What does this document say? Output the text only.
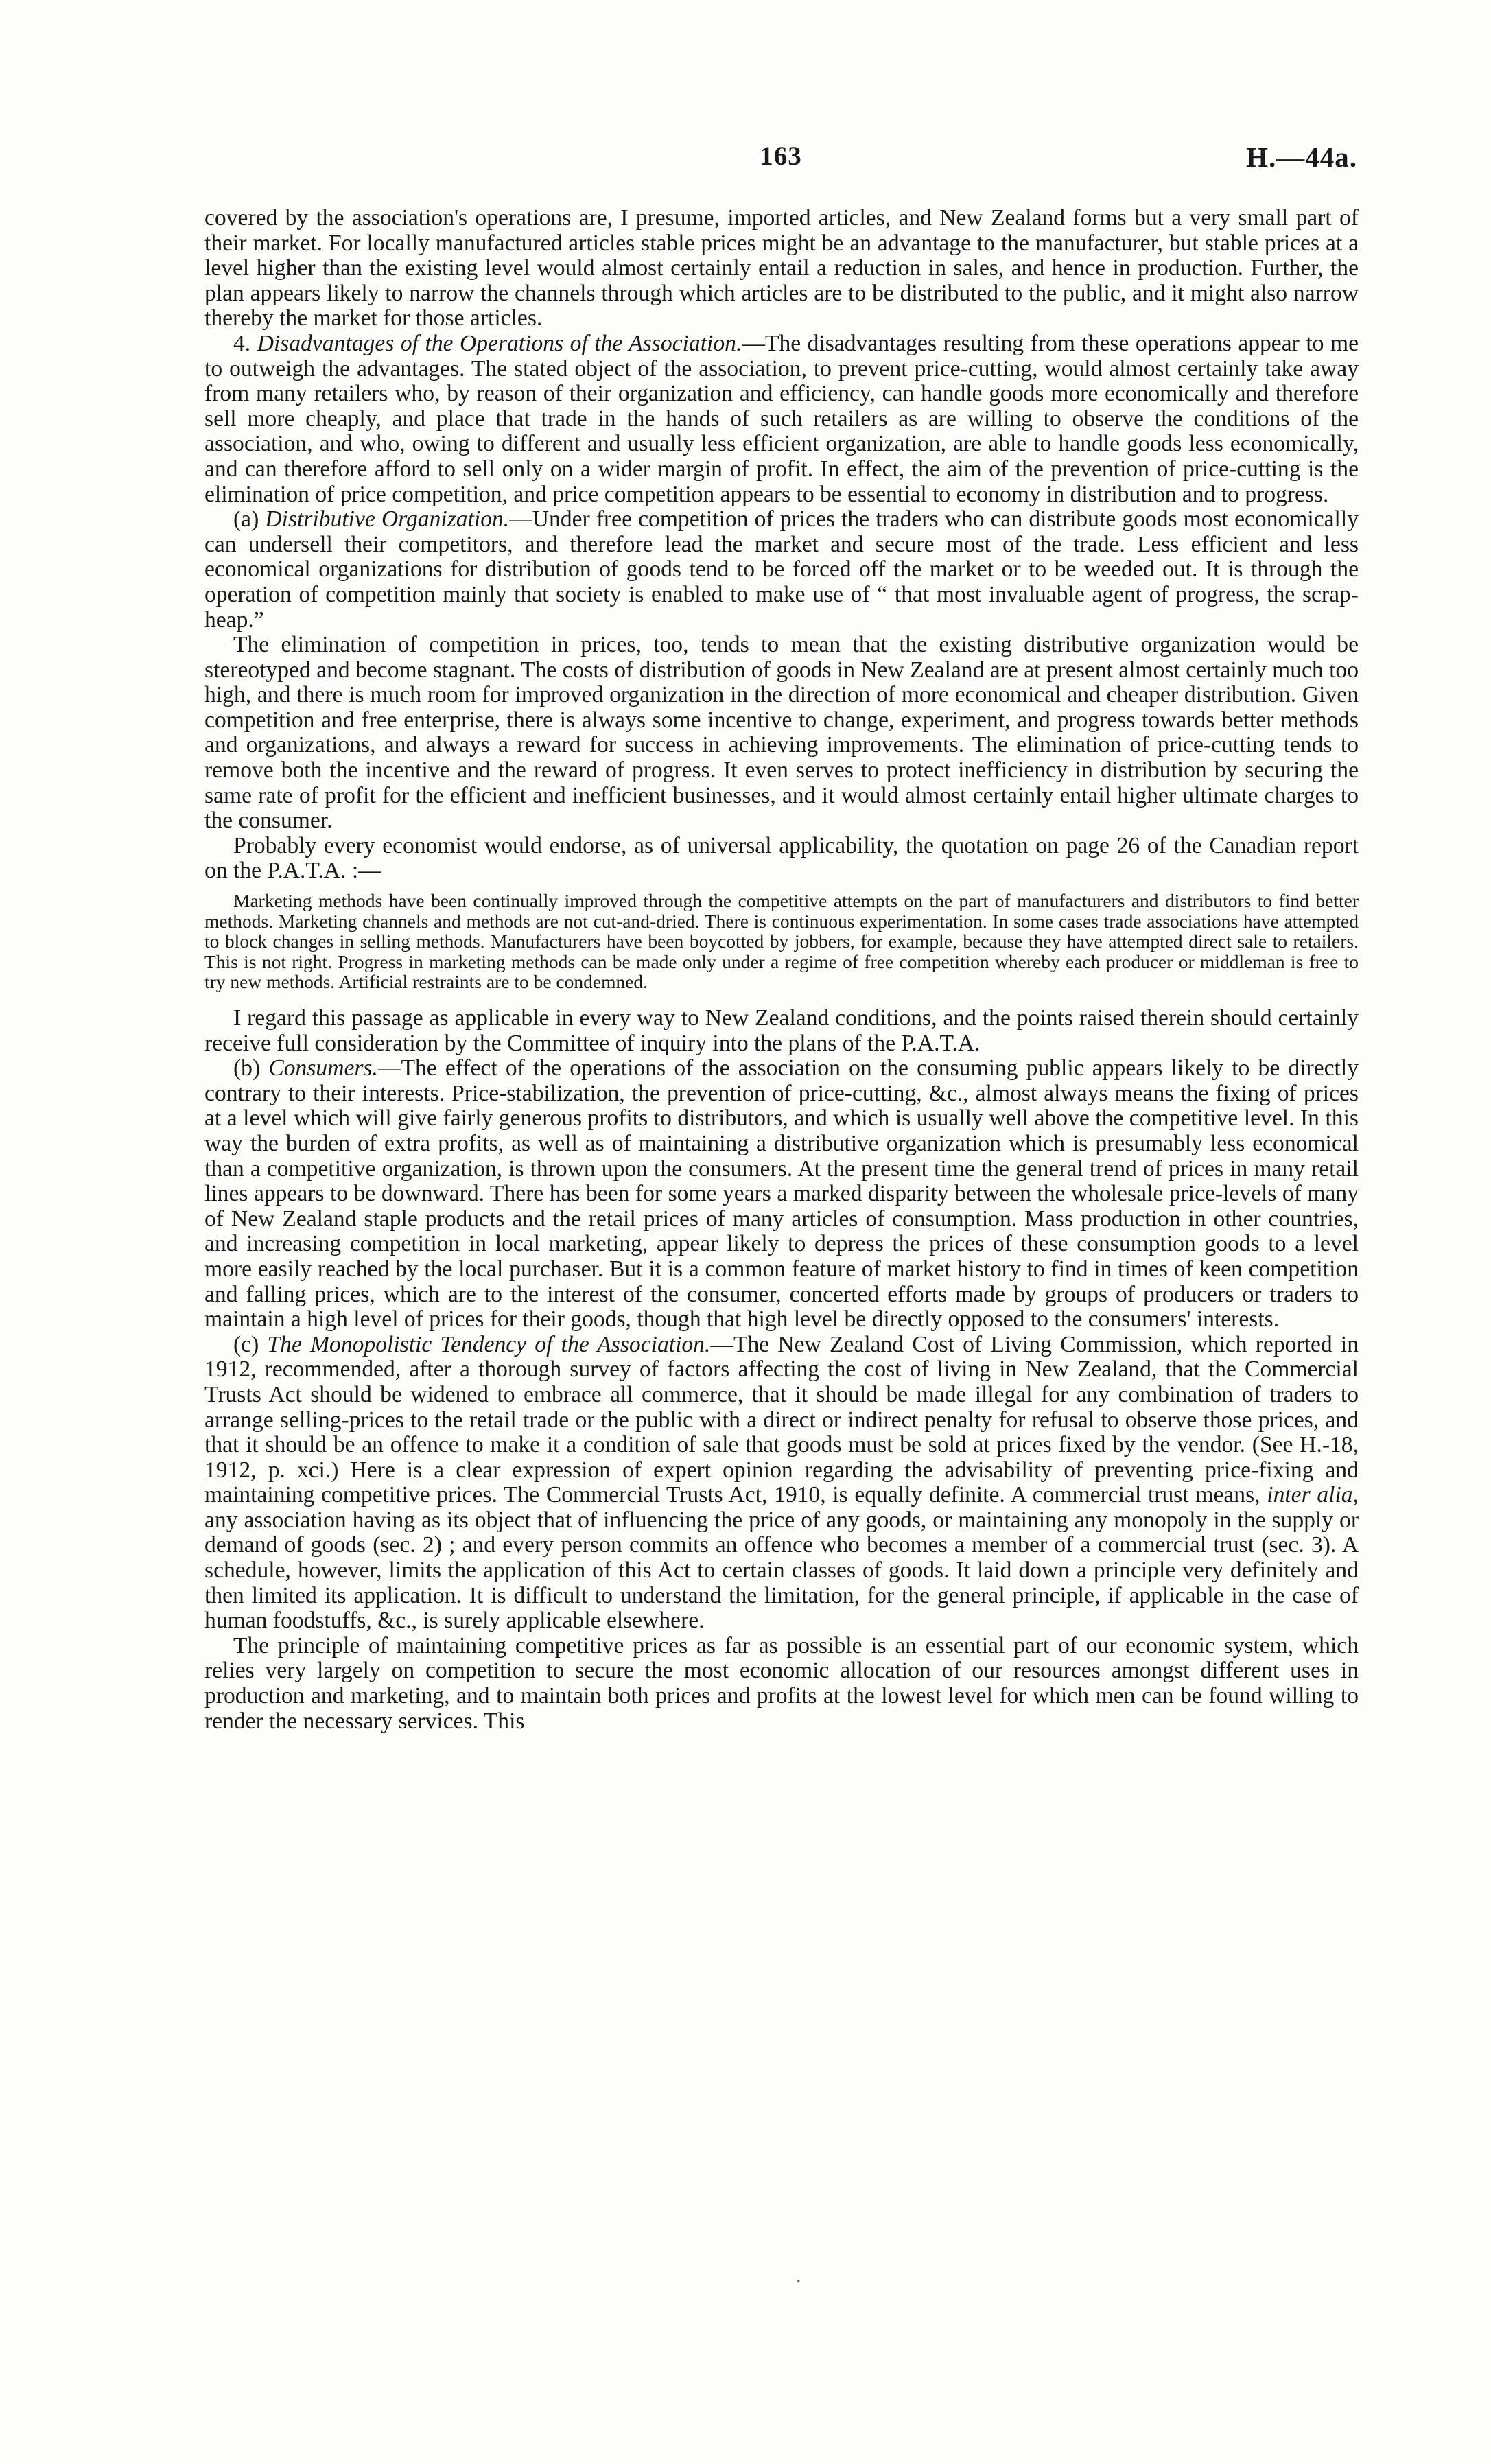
163	H.—44a.

covered by the association's operations are, I presume, imported articles, and New Zealand forms but a very small part of their market. For locally manufactured articles stable prices might be an advantage to the manufacturer, but stable prices at a level higher than the existing level would almost certainly entail a reduction in sales, and hence in production. Further, the plan appears likely to narrow the channels through which articles are to be distributed to the public, and it might also narrow thereby the market for those articles.

4. Disadvantages of the Operations of the Association.—The disadvantages resulting from these operations appear to me to outweigh the advantages. The stated object of the association, to prevent price-cutting, would almost certainly take away from many retailers who, by reason of their organization and efficiency, can handle goods more economically and therefore sell more cheaply, and place that trade in the hands of such retailers as are willing to observe the conditions of the association, and who, owing to different and usually less efficient organization, are able to handle goods less economically, and can therefore afford to sell only on a wider margin of profit. In effect, the aim of the prevention of price-cutting is the elimination of price competition, and price competition appears to be essential to economy in distribution and to progress.

(a) Distributive Organization.—Under free competition of prices the traders who can distribute goods most economically can undersell their competitors, and therefore lead the market and secure most of the trade. Less efficient and less economical organizations for distribution of goods tend to be forced off the market or to be weeded out. It is through the operation of competition mainly that society is enabled to make use of “ that most invaluable agent of progress, the scrap-heap.”

The elimination of competition in prices, too, tends to mean that the existing distributive organization would be stereotyped and become stagnant. The costs of distribution of goods in New Zealand are at present almost certainly much too high, and there is much room for improved organization in the direction of more economical and cheaper distribution. Given competition and free enterprise, there is always some incentive to change, experiment, and progress towards better methods and organizations, and always a reward for success in achieving improvements. The elimination of price-cutting tends to remove both the incentive and the reward of progress. It even serves to protect inefficiency in distribution by securing the same rate of profit for the efficient and inefficient businesses, and it would almost certainly entail higher ultimate charges to the consumer.

Probably every economist would endorse, as of universal applicability, the quotation on page 26 of the Canadian report on the P.A.T.A. :—

Marketing methods have been continually improved through the competitive attempts on the part of manufacturers and distributors to find better methods. Marketing channels and methods are not cut-and-dried. There is continuous experimentation. In some cases trade associations have attempted to block changes in selling methods. Manufacturers have been boycotted by jobbers, for example, because they have attempted direct sale to retailers. This is not right. Progress in marketing methods can be made only under a regime of free competition whereby each producer or middleman is free to try new methods. Artificial restraints are to be condemned.

I regard this passage as applicable in every way to New Zealand conditions, and the points raised therein should certainly receive full consideration by the Committee of inquiry into the plans of the P.A.T.A.

(b) Consumers.—The effect of the operations of the association on the consuming public appears likely to be directly contrary to their interests. Price-stabilization, the prevention of price-cutting, &c., almost always means the fixing of prices at a level which will give fairly generous profits to distributors, and which is usually well above the competitive level. In this way the burden of extra profits, as well as of maintaining a distributive organization which is presumably less economical than a competitive organization, is thrown upon the consumers. At the present time the general trend of prices in many retail lines appears to be downward. There has been for some years a marked disparity between the wholesale price-levels of many of New Zealand staple products and the retail prices of many articles of consumption. Mass production in other countries, and increasing competition in local marketing, appear likely to depress the prices of these consumption goods to a level more easily reached by the local purchaser. But it is a common feature of market history to find in times of keen competition and falling prices, which are to the interest of the consumer, concerted efforts made by groups of producers or traders to maintain a high level of prices for their goods, though that high level be directly opposed to the consumers' interests.

(c) The Monopolistic Tendency of the Association.—The New Zealand Cost of Living Commission, which reported in 1912, recommended, after a thorough survey of factors affecting the cost of living in New Zealand, that the Commercial Trusts Act should be widened to embrace all commerce, that it should be made illegal for any combination of traders to arrange selling-prices to the retail trade or the public with a direct or indirect penalty for refusal to observe those prices, and that it should be an offence to make it a condition of sale that goods must be sold at prices fixed by the vendor. (See H.-18, 1912, p. xci.) Here is a clear expression of expert opinion regarding the advisability of preventing price-fixing and maintaining competitive prices. The Commercial Trusts Act, 1910, is equally definite. A commercial trust means, inter alia, any association having as its object that of influencing the price of any goods, or maintaining any monopoly in the supply or demand of goods (sec. 2) ; and every person commits an offence who becomes a member of a commercial trust (sec. 3). A schedule, however, limits the application of this Act to certain classes of goods. It laid down a principle very definitely and then limited its application. It is difficult to understand the limitation, for the general principle, if applicable in the case of human foodstuffs, &c., is surely applicable elsewhere.

The principle of maintaining competitive prices as far as possible is an essential part of our economic system, which relies very largely on competition to secure the most economic allocation of our resources amongst different uses in production and marketing, and to maintain both prices and profits at the lowest level for which men can be found willing to render the necessary services. This

.
